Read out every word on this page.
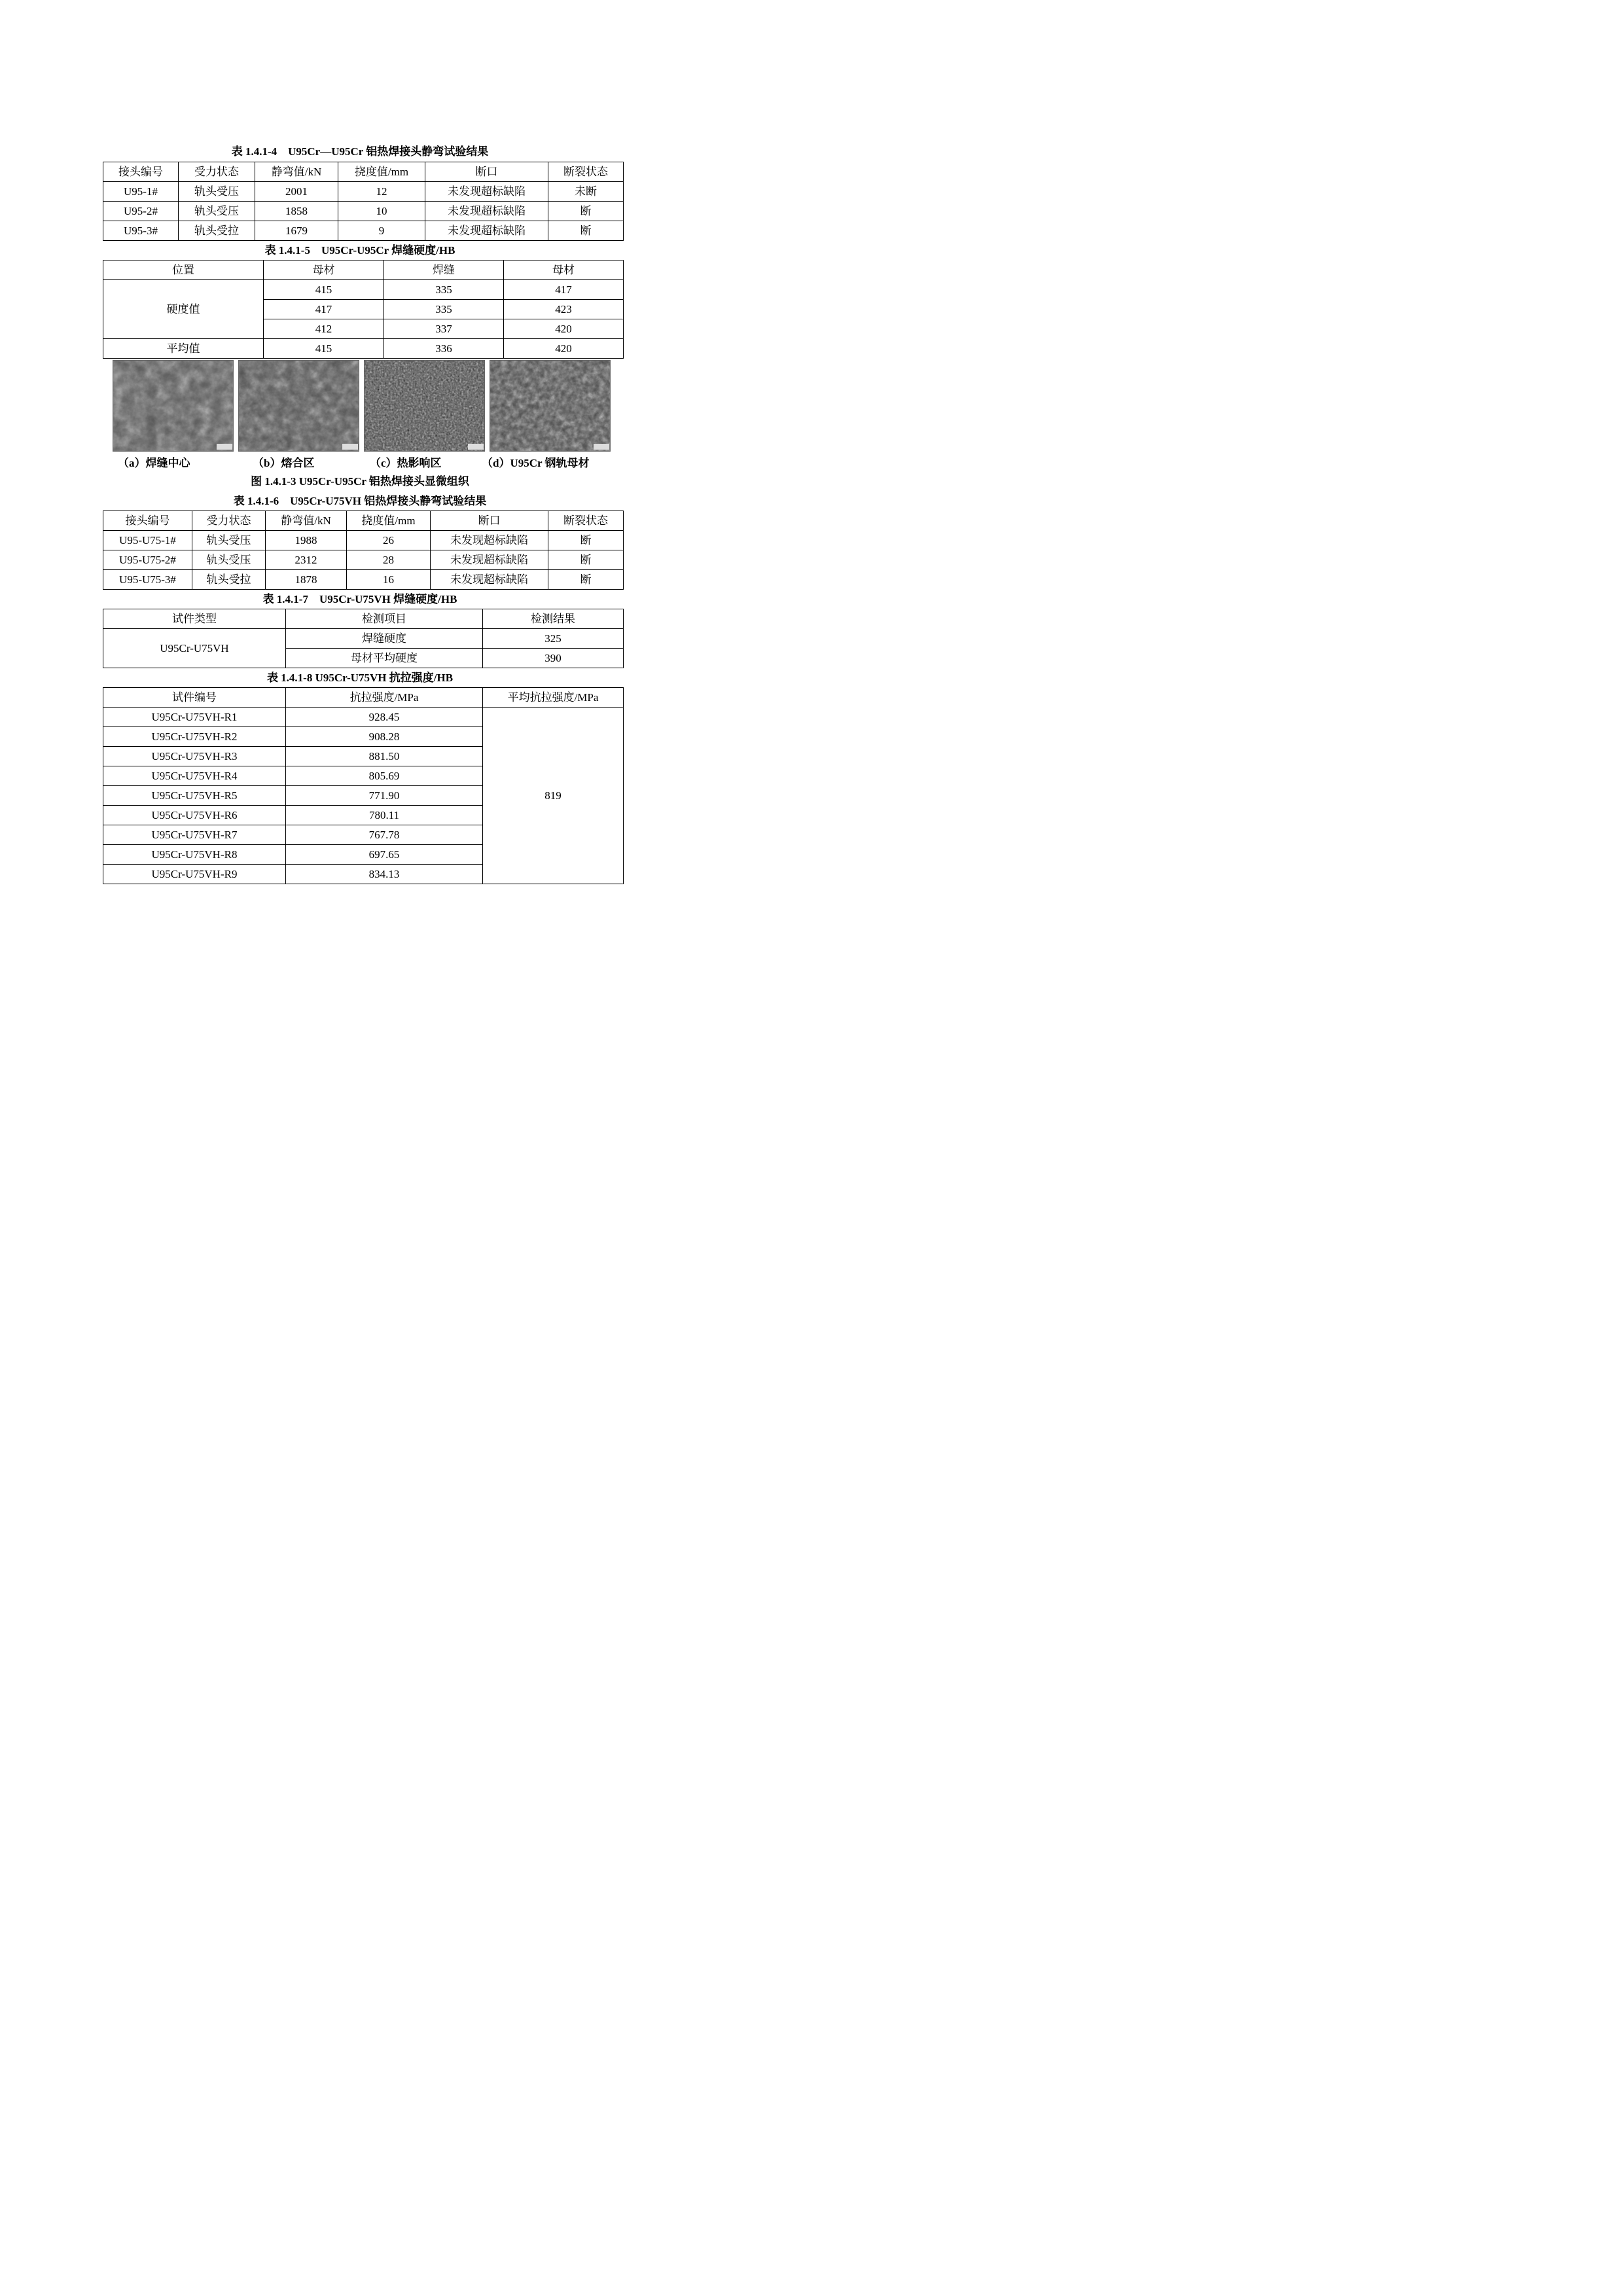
表 1.4.1-4　U95Cr—U95Cr 铝热焊接头静弯试验结果
接头编号	受力状态	静弯值/kN	挠度值/mm	断口	断裂状态
U95-1#	轨头受压	2001	12	未发现超标缺陷	未断
U95-2#	轨头受压	1858	10	未发现超标缺陷	断
U95-3#	轨头受拉	1679	9	未发现超标缺陷	断
表 1.4.1-5　U95Cr-U95Cr 焊缝硬度/HB
位置	母材	焊缝	母材
硬度值	415	335	417
	417	335	423
	412	337	420
平均值	415	336	420
（a）焊缝中心	（b）熔合区	（c）热影响区	（d）U95Cr 钢轨母材
图 1.4.1-3 U95Cr-U95Cr 铝热焊接头显微组织
表 1.4.1-6　U95Cr-U75VH 铝热焊接头静弯试验结果
接头编号	受力状态	静弯值/kN	挠度值/mm	断口	断裂状态
U95-U75-1#	轨头受压	1988	26	未发现超标缺陷	断
U95-U75-2#	轨头受压	2312	28	未发现超标缺陷	断
U95-U75-3#	轨头受拉	1878	16	未发现超标缺陷	断
表 1.4.1-7　U95Cr-U75VH 焊缝硬度/HB
试件类型	检测项目	检测结果
U95Cr-U75VH	焊缝硬度	325
	母材平均硬度	390
表 1.4.1-8 U95Cr-U75VH 抗拉强度/HB
试件编号	抗拉强度/MPa	平均抗拉强度/MPa
U95Cr-U75VH-R1	928.45	819
U95Cr-U75VH-R2	908.28	
U95Cr-U75VH-R3	881.50	
U95Cr-U75VH-R4	805.69	
U95Cr-U75VH-R5	771.90	
U95Cr-U75VH-R6	780.11	
U95Cr-U75VH-R7	767.78	
U95Cr-U75VH-R8	697.65	
U95Cr-U75VH-R9	834.13	
